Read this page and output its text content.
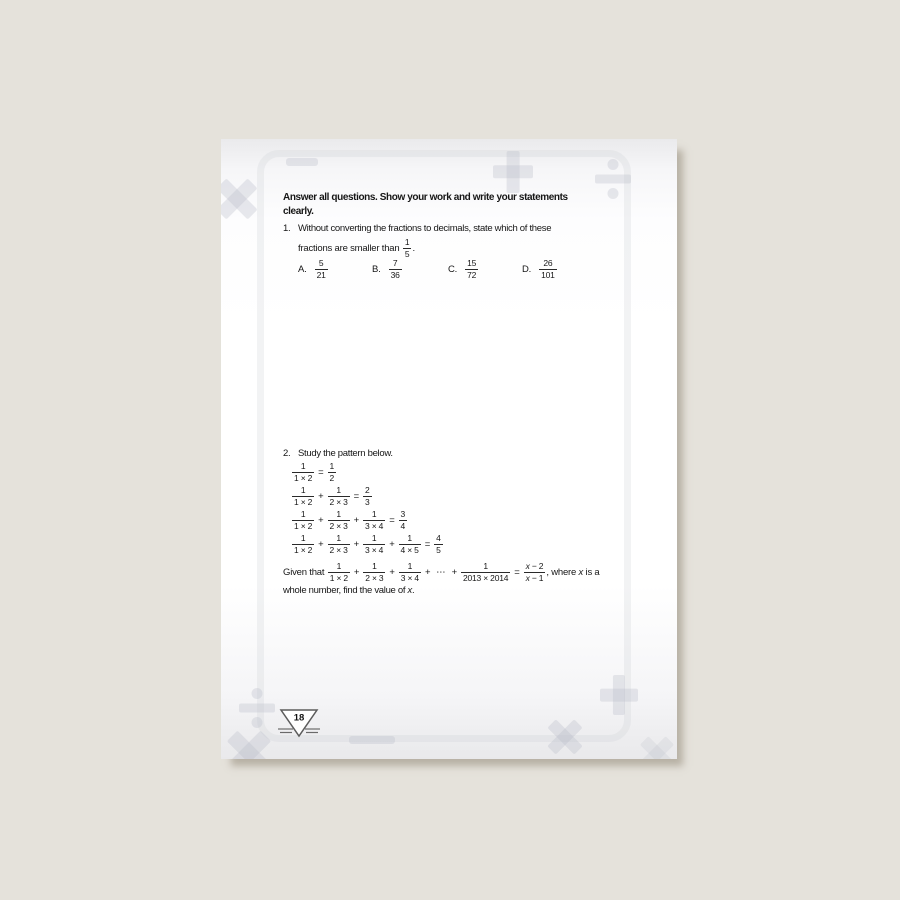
Answer all questions. Show your work and write your statements
clearly.
1. Without converting the fractions to decimals, state which of these
fractions are smaller than $\frac{1}{5}$ .
A. $\frac{5}{21}$	B. $\frac{7}{36}$	C. $\frac{15}{72}$	D. $\frac{26}{101}$
2. Study the pattern below.
$\frac{1}{1 \times 2} = \frac{1}{2}$
$\frac{1}{1 \times 2} + \frac{1}{2 \times 3} = \frac{2}{3}$
$\frac{1}{1 \times 2} + \frac{1}{2 \times 3} + \frac{1}{3 \times 4} = \frac{3}{4}$
$\frac{1}{1 \times 2} + \frac{1}{2 \times 3} + \frac{1}{3 \times 4} + \frac{1}{4 \times 5} = \frac{4}{5}$
Given that $\frac{1}{1 \times 2} + \frac{1}{2 \times 3} + \frac{1}{3 \times 4}$ + ⋯ + $\frac{1}{2013 \times 2014} = \frac{x - 2}{x - 1}$ , where x is a
whole number, find the value of x.
18
